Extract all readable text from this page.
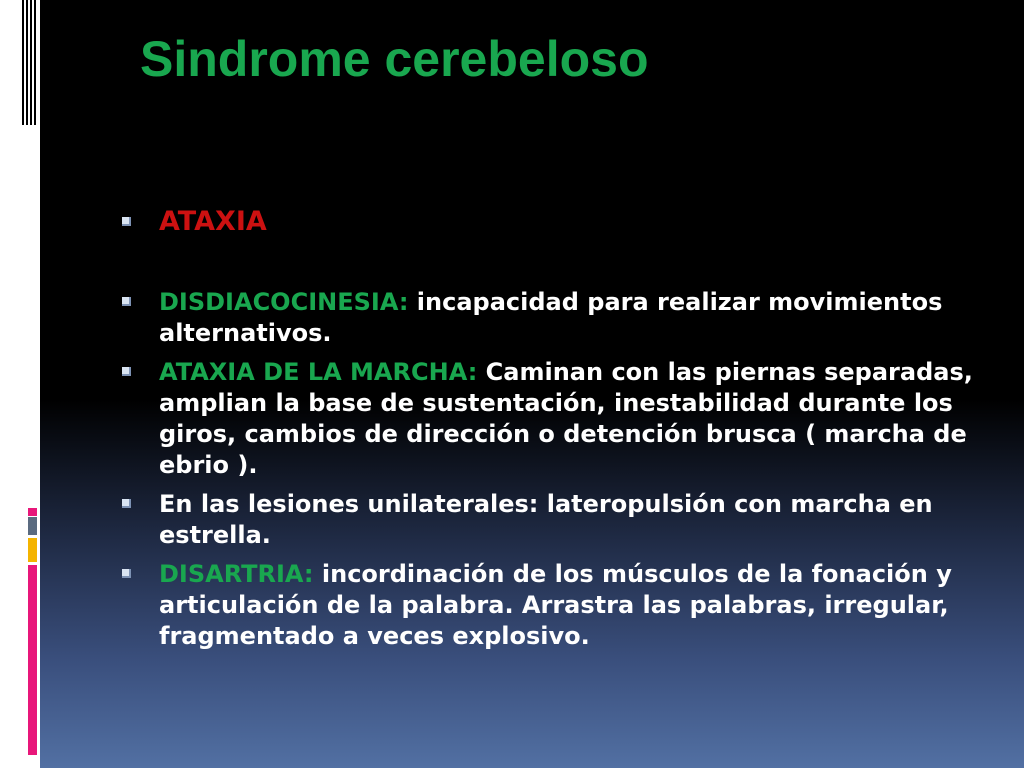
Sindrome cerebeloso
ATAXIA
DISDIACOCINESIA: incapacidad para realizar movimientos alternativos.
ATAXIA DE LA MARCHA: Caminan con las piernas separadas, amplian la base de sustentación, inestabilidad durante los giros, cambios de dirección o detención brusca ( marcha de ebrio ).
En las lesiones unilaterales: lateropulsión con marcha en estrella.
DISARTRIA: incordinación de los músculos de la fonación y articulación de la palabra. Arrastra las palabras, irregular, fragmentado a veces explosivo.
